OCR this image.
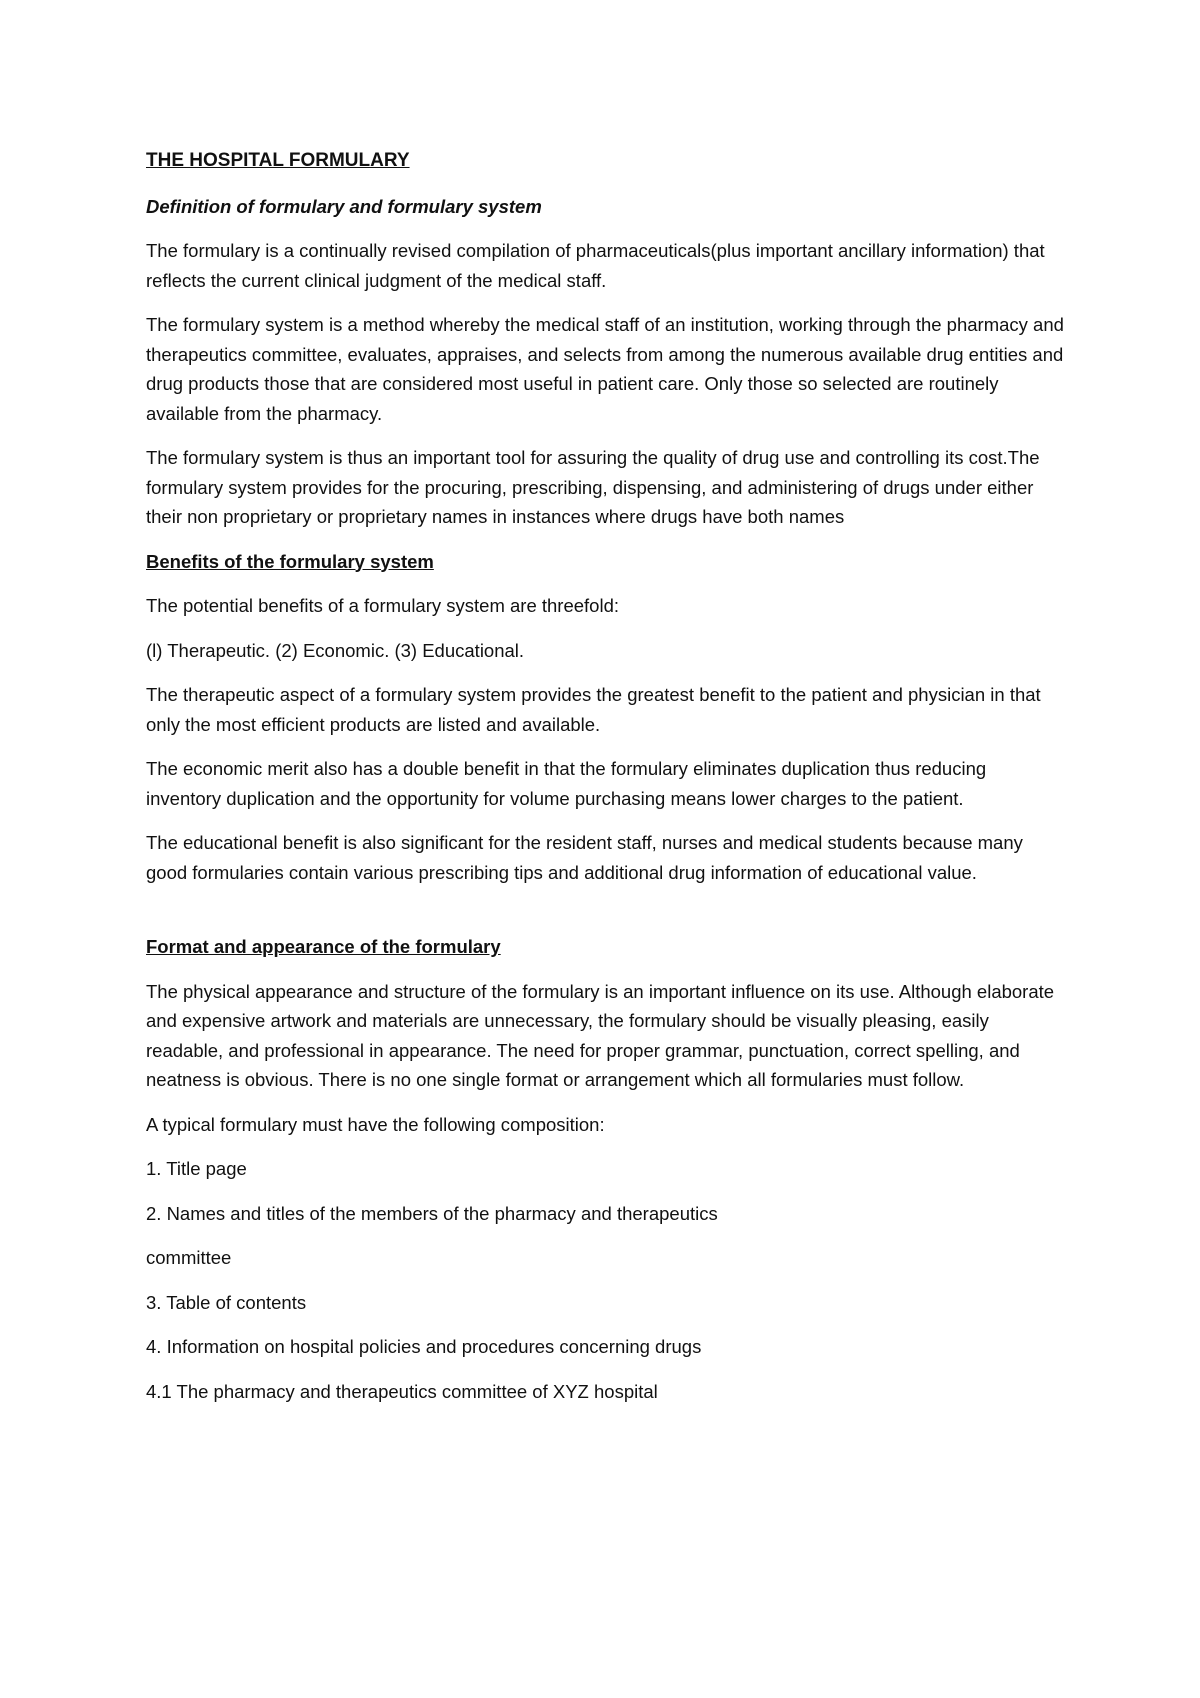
THE HOSPITAL FORMULARY

Definition of formulary and formulary system

The formulary is a continually revised compilation of pharmaceuticals(plus important ancillary information) that reflects the current clinical judgment of the medical staff.

The formulary system is a method whereby the medical staff of an institution, working through the pharmacy and therapeutics committee, evaluates, appraises, and selects from among the numerous available drug entities and drug products those that are considered most useful in patient care. Only those so selected are routinely available from the pharmacy.

The formulary system is thus an important tool for assuring the quality of drug use and controlling its cost.The formulary system provides for the procuring, prescribing, dispensing, and administering of drugs under either their non proprietary or proprietary names in instances where drugs have both names

Benefits of the formulary system

The potential benefits of a formulary system are threefold:

(l) Therapeutic. (2) Economic. (3) Educational.

The therapeutic aspect of a formulary system provides the greatest benefit to the patient and physician in that only the most efficient products are listed and available.

The economic merit also has a double benefit in that the formulary eliminates duplication thus reducing inventory duplication and the opportunity for volume purchasing means lower charges to the patient.

The educational benefit is also significant for the resident staff, nurses and medical students because many good formularies contain various prescribing tips and additional drug information of educational value.

Format and appearance of the formulary

The physical appearance and structure of the formulary is an important influence on its use. Although elaborate and expensive artwork and materials are unnecessary, the formulary should be visually pleasing, easily readable, and professional in appearance. The need for proper grammar, punctuation, correct spelling, and neatness is obvious. There is no one single format or arrangement which all formularies must follow.

A typical formulary must have the following composition:

1. Title page

2. Names and titles of the members of the pharmacy and therapeutics

committee

3. Table of contents

4. Information on hospital policies and procedures concerning drugs

4.1 The pharmacy and therapeutics committee of XYZ hospital
